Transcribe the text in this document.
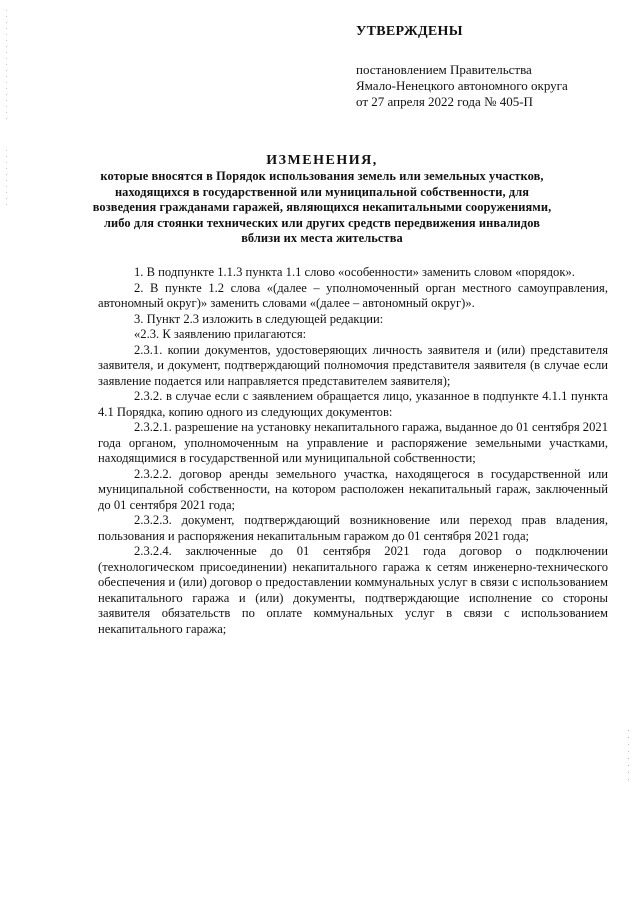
УТВЕРЖДЕНЫ
постановлением Правительства
Ямало-Ненецкого автономного округа
от 27 апреля 2022 года № 405-П
ИЗМЕНЕНИЯ,
которые вносятся в Порядок использования земель или земельных участков,
находящихся в государственной или муниципальной собственности, для
возведения гражданами гаражей, являющихся некапитальными сооружениями,
либо для стоянки технических или других средств передвижения инвалидов
вблизи их места жительства

1. В подпункте 1.1.3 пункта 1.1 слово «особенности» заменить словом «порядок».

2. В пункте 1.2 слова «(далее – уполномоченный орган местного самоуправления, автономный округ)» заменить словами «(далее – автономный округ)».

3. Пункт 2.3 изложить в следующей редакции:

«2.3. К заявлению прилагаются:

2.3.1. копии документов, удостоверяющих личность заявителя и (или) представителя заявителя, и документ, подтверждающий полномочия представителя заявителя (в случае если заявление подается или направляется представителем заявителя);

2.3.2. в случае если с заявлением обращается лицо, указанное в подпункте 4.1.1 пункта 4.1 Порядка, копию одного из следующих документов:

2.3.2.1. разрешение на установку некапитального гаража, выданное до 01 сентября 2021 года органом, уполномоченным на управление и распоряжение земельными участками, находящимися в государственной или муниципальной собственности;

2.3.2.2. договор аренды земельного участка, находящегося в государственной или муниципальной собственности, на котором расположен некапитальный гараж, заключенный до 01 сентября 2021 года;

2.3.2.3. документ, подтверждающий возникновение или переход прав владения, пользования и распоряжения некапитальным гаражом до 01 сентября 2021 года;

2.3.2.4. заключенные до 01 сентября 2021 года договор о подключении (технологическом присоединении) некапитального гаража к сетям инженерно-технического обеспечения и (или) договор о предоставлении коммунальных услуг в связи с использованием некапитального гаража и (или) документы, подтверждающие исполнение со стороны заявителя обязательств по оплате коммунальных услуг в связи с использованием некапитального гаража;
